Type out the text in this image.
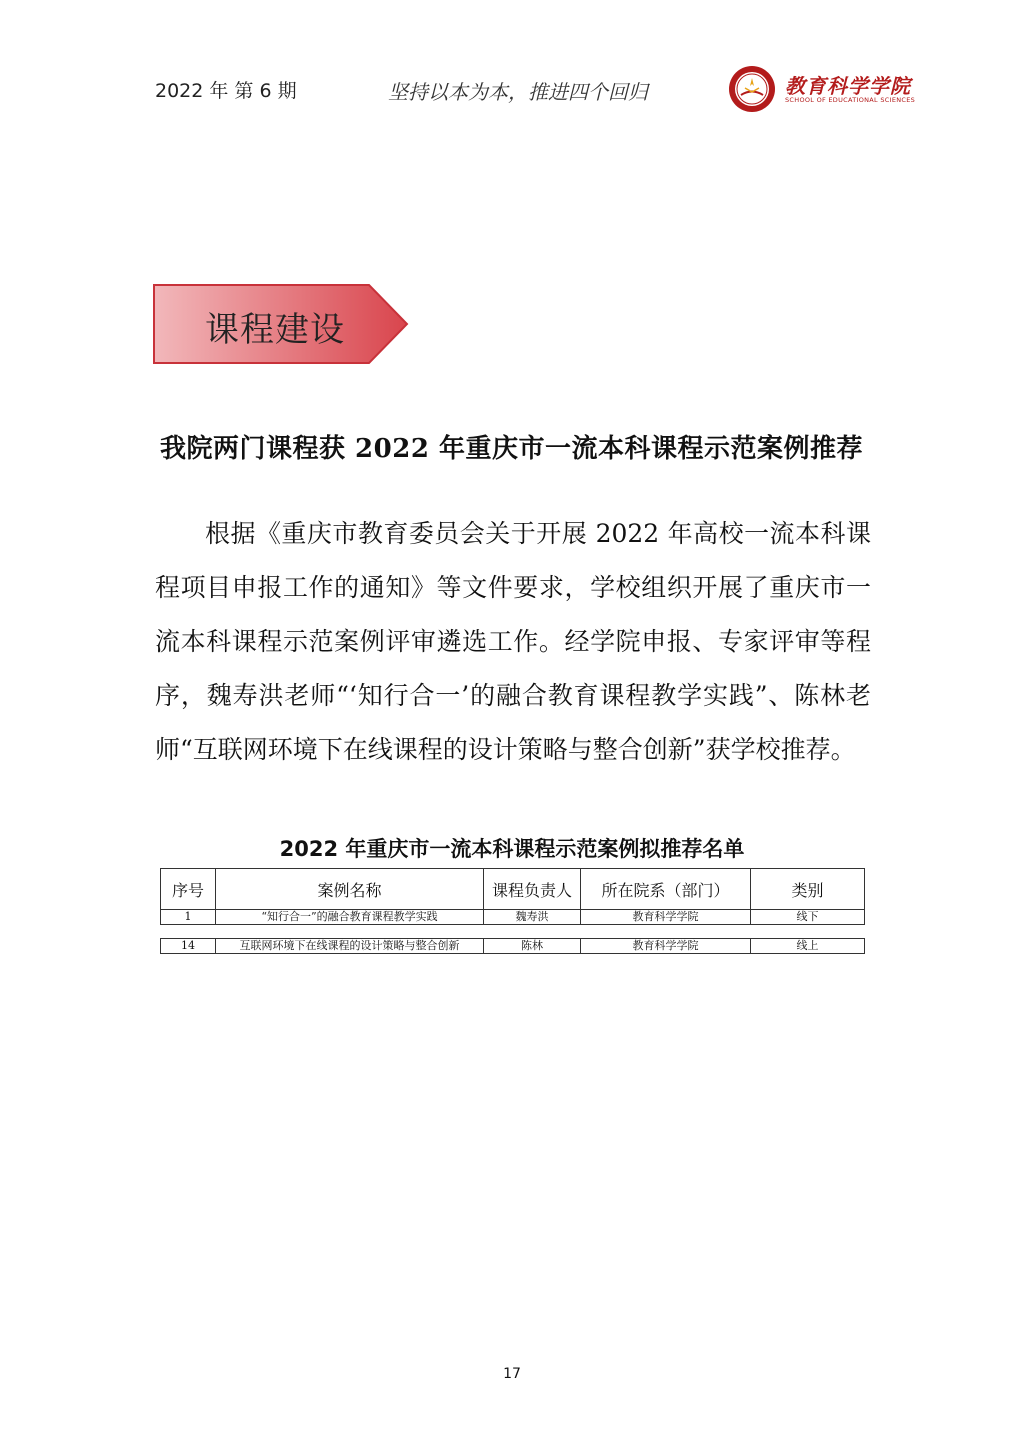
2022 年 第 6 期	坚持以本为本，推进四个回归	教育科学学院
SCHOOL OF EDUCATIONAL SCIENCES
课程建设
我院两门课程获 2022 年重庆市一流本科课程示范案例推荐
根据《重庆市教育委员会关于开展 2022 年高校一流本科课程项目申报工作的通知》等文件要求，学校组织开展了重庆市一流本科课程示范案例评审遴选工作。经学院申报、专家评审等程序，魏寿洪老师“‘知行合一’的融合教育课程教学实践”、陈林老师“互联网环境下在线课程的设计策略与整合创新”获学校推荐。
2022 年重庆市一流本科课程示范案例拟推荐名单
序号	案例名称	课程负责人	所在院系（部门）	类别
1	“知行合一”的融合教育课程教学实践	魏寿洪	教育科学学院	线下
14	互联网环境下在线课程的设计策略与整合创新	陈林	教育科学学院	线上
17
